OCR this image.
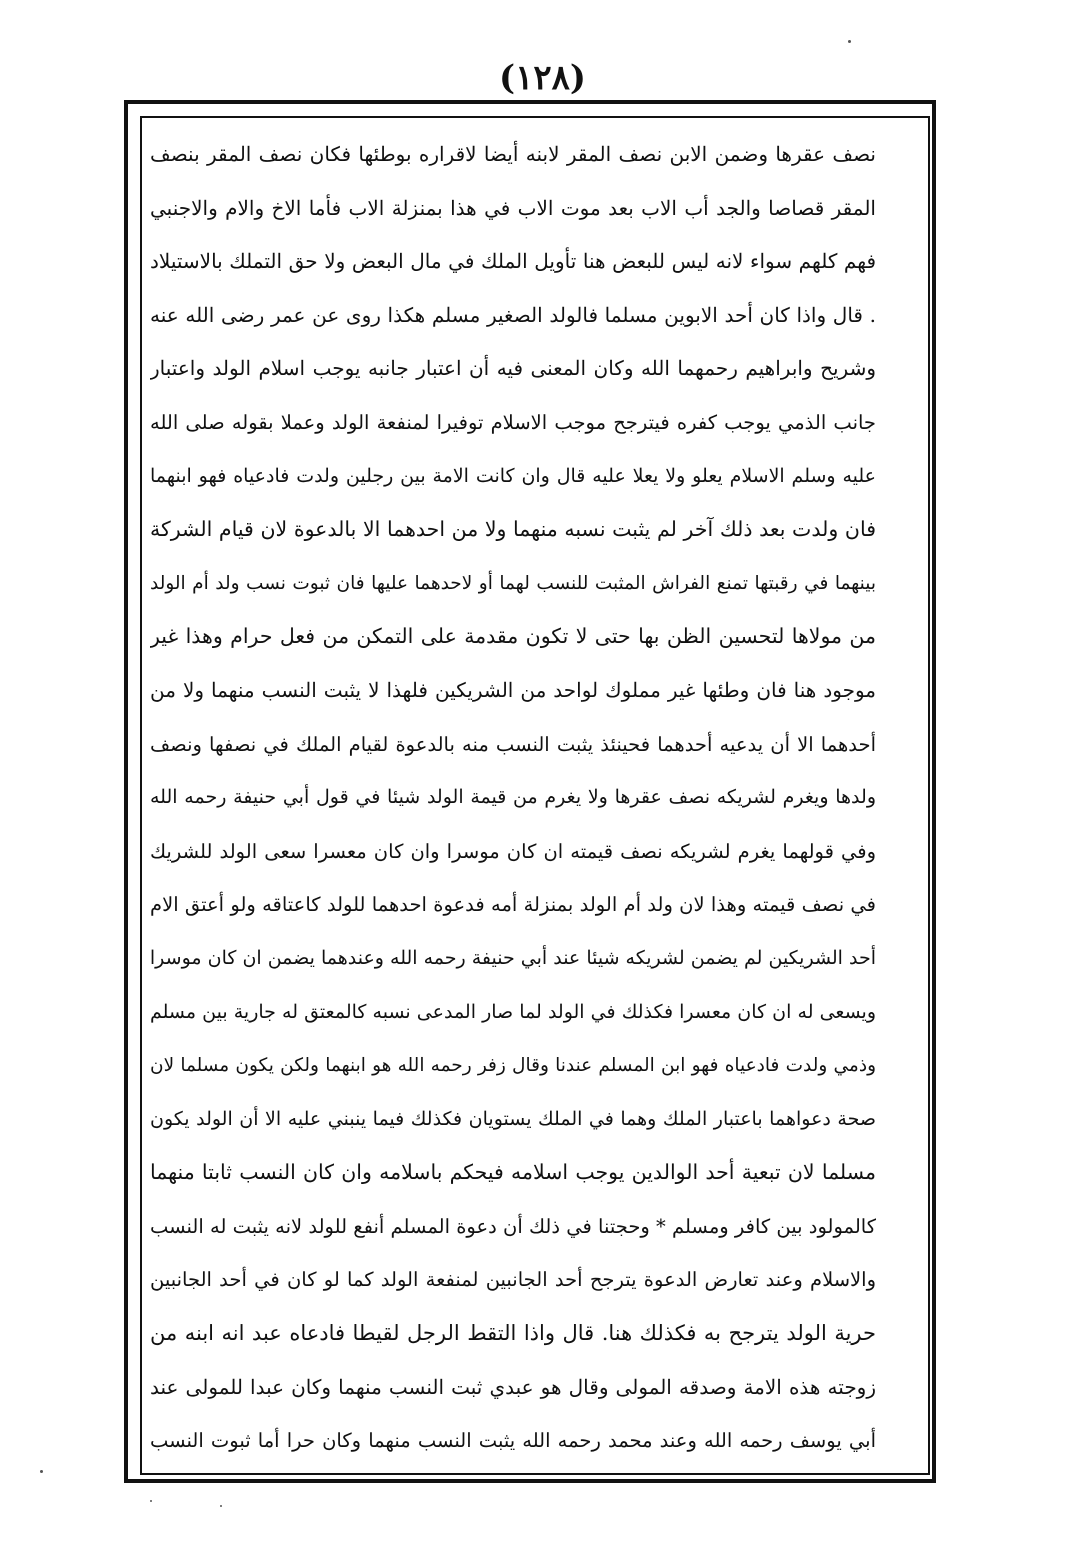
(١٢٨)
نصف عقرها وضمن الابن نصف المقر لابنه أيضا لاقراره بوطئها فكان نصف المقر بنصف
المقر قصاصا والجد أب الاب بعد موت الاب في هذا بمنزلة الاب فأما الاخ والام والاجنبي
فهم كلهم سواء لانه ليس للبعض هنا تأويل الملك في مال البعض ولا حق التملك بالاستيلاد
. قال واذا كان أحد الابوين مسلما فالولد الصغير مسلم هكذا روى عن عمر رضى الله عنه
وشريح وابراهيم رحمهما الله وكان المعنى فيه أن اعتبار جانبه يوجب اسلام الولد واعتبار
جانب الذمي يوجب كفره فيترجح موجب الاسلام توفيرا لمنفعة الولد وعملا بقوله صلى الله
عليه وسلم الاسلام يعلو ولا يعلا عليه قال وان كانت الامة بين رجلين ولدت فادعياه فهو ابنهما
فان ولدت بعد ذلك آخر لم يثبت نسبه منهما ولا من احدهما الا بالدعوة لان قيام الشركة
بينهما في رقبتها تمنع الفراش المثبت للنسب لهما أو لاحدهما عليها فان ثبوت نسب ولد أم الولد
من مولاها لتحسين الظن بها حتى لا تكون مقدمة على التمكن من فعل حرام وهذا غير
موجود هنا فان وطئها غير مملوك لواحد من الشريكين فلهذا لا يثبت النسب منهما ولا من
أحدهما الا أن يدعيه أحدهما فحينئذ يثبت النسب منه بالدعوة لقيام الملك في نصفها ونصف
ولدها ويغرم لشريكه نصف عقرها ولا يغرم من قيمة الولد شيئا في قول أبي حنيفة رحمه الله
وفي قولهما يغرم لشريكه نصف قيمته ان كان موسرا وان كان معسرا سعى الولد للشريك
في نصف قيمته وهذا لان ولد أم الولد بمنزلة أمه فدعوة احدهما للولد كاعتاقه ولو أعتق الام
أحد الشريكين لم يضمن لشريكه شيئا عند أبي حنيفة رحمه الله وعندهما يضمن ان كان موسرا
ويسعى له ان كان معسرا فكذلك في الولد لما صار المدعى نسبه كالمعتق له جارية بين مسلم
وذمي ولدت فادعياه فهو ابن المسلم عندنا وقال زفر رحمه الله هو ابنهما ولكن يكون مسلما لان
صحة دعواهما باعتبار الملك وهما في الملك يستويان فكذلك فيما ينبني عليه الا أن الولد يكون
مسلما لان تبعية أحد الوالدين يوجب اسلامه فيحكم باسلامه وان كان النسب ثابتا منهما
كالمولود بين كافر ومسلم * وحجتنا في ذلك أن دعوة المسلم أنفع للولد لانه يثبت له النسب
والاسلام وعند تعارض الدعوة يترجح أحد الجانبين لمنفعة الولد كما لو كان في أحد الجانبين
حرية الولد يترجح به فكذلك هنا. قال واذا التقط الرجل لقيطا فادعاه عبد انه ابنه من
زوجته هذه الامة وصدقه المولى وقال هو عبدي ثبت النسب منهما وكان عبدا للمولى عند
أبي يوسف رحمه الله وعند محمد رحمه الله يثبت النسب منهما وكان حرا أما ثبوت النسب
